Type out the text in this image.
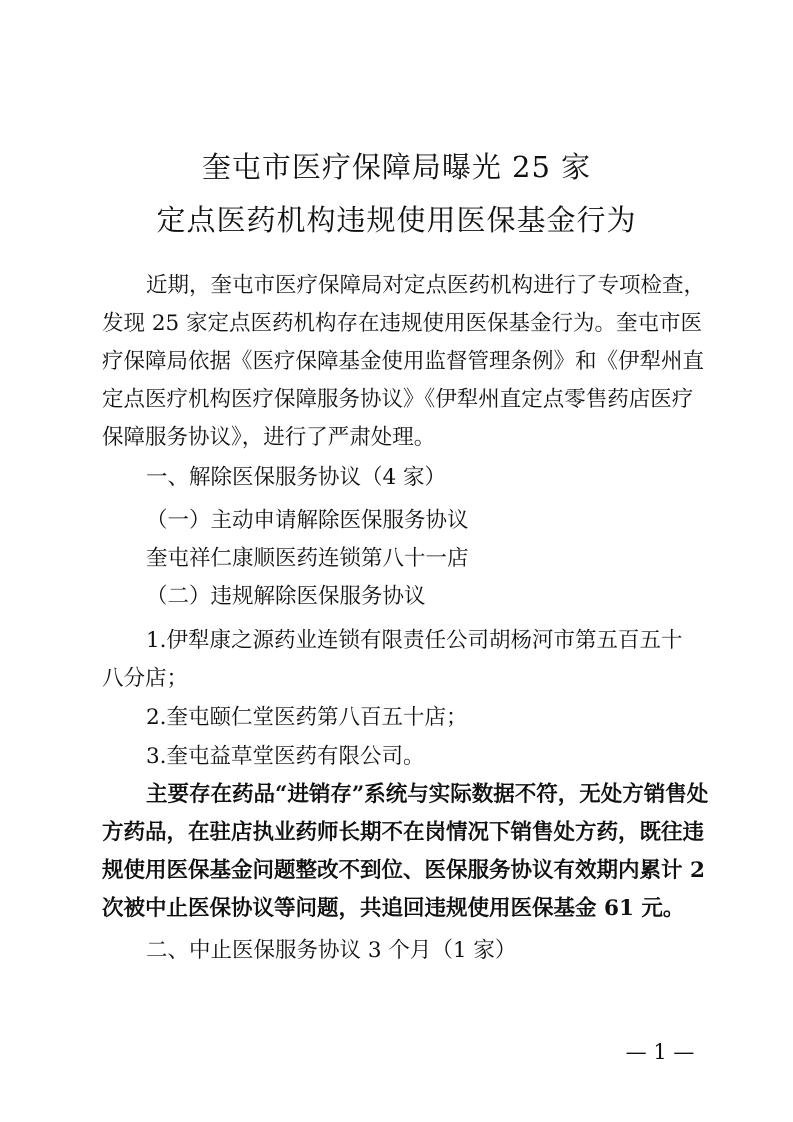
奎屯市医疗保障局曝光 25 家
定点医药机构违规使用医保基金行为
近期，奎屯市医疗保障局对定点医药机构进行了专项检查，
发现 25 家定点医药机构存在违规使用医保基金行为。奎屯市医
疗保障局依据《医疗保障基金使用监督管理条例》和《伊犁州直
定点医疗机构医疗保障服务协议》《伊犁州直定点零售药店医疗
保障服务协议》，进行了严肃处理。
一、解除医保服务协议（4 家）
（一）主动申请解除医保服务协议
奎屯祥仁康顺医药连锁第八十一店
（二）违规解除医保服务协议
1.伊犁康之源药业连锁有限责任公司胡杨河市第五百五十
八分店；
2.奎屯颐仁堂医药第八百五十店；
3.奎屯益草堂医药有限公司。
主要存在药品“进销存”系统与实际数据不符，无处方销售处
方药品，在驻店执业药师长期不在岗情况下销售处方药，既往违
规使用医保基金问题整改不到位、医保服务协议有效期内累计 2
次被中止医保协议等问题，共追回违规使用医保基金 61 元。
二、中止医保服务协议 3 个月（1 家）
— 1 —
